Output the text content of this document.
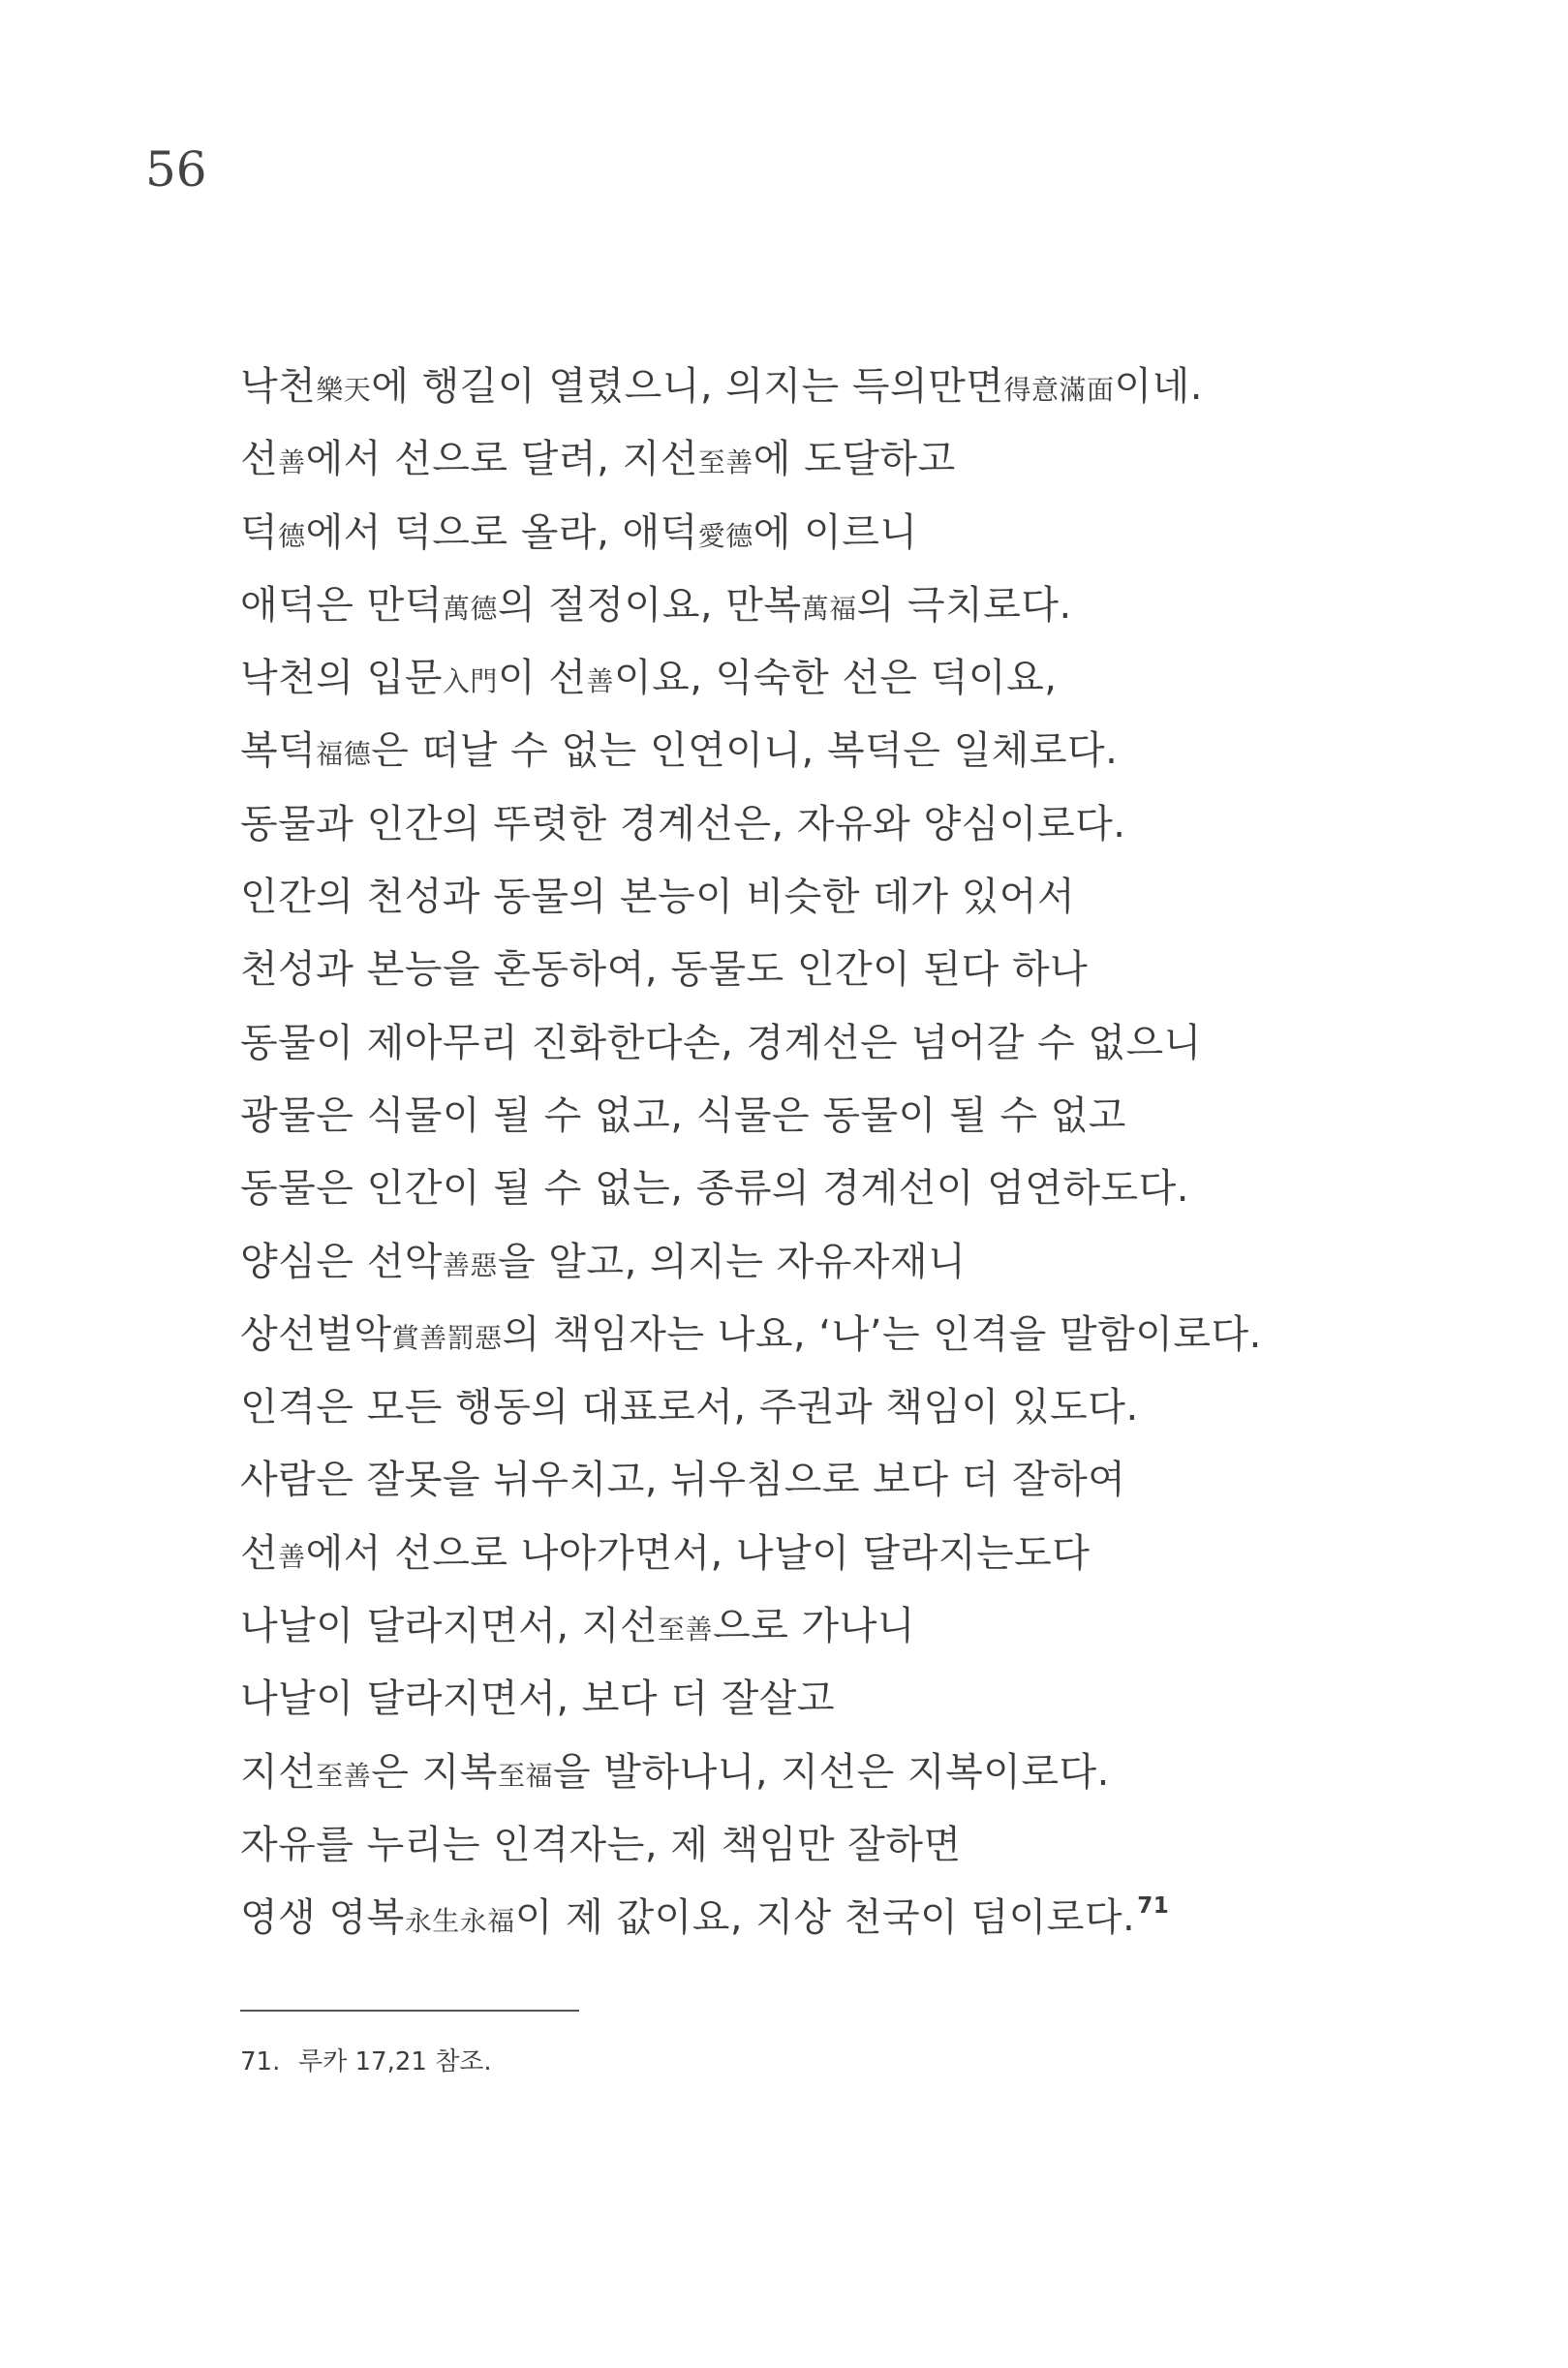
56
낙천樂天에 행길이 열렸으니, 의지는 득의만면得意滿面이네.
선善에서 선으로 달려, 지선至善에 도달하고
덕德에서 덕으로 올라, 애덕愛德에 이르니
애덕은 만덕萬德의 절정이요, 만복萬福의 극치로다.
낙천의 입문入門이 선善이요, 익숙한 선은 덕이요,
복덕福德은 떠날 수 없는 인연이니, 복덕은 일체로다.
동물과 인간의 뚜렷한 경계선은, 자유와 양심이로다.
인간의 천성과 동물의 본능이 비슷한 데가 있어서
천성과 본능을 혼동하여, 동물도 인간이 된다 하나
동물이 제아무리 진화한다손, 경계선은 넘어갈 수 없으니
광물은 식물이 될 수 없고, 식물은 동물이 될 수 없고
동물은 인간이 될 수 없는, 종류의 경계선이 엄연하도다.
양심은 선악善惡을 알고, 의지는 자유자재니
상선벌악賞善罰惡의 책임자는 나요, ‘나’는 인격을 말함이로다.
인격은 모든 행동의 대표로서, 주권과 책임이 있도다.
사람은 잘못을 뉘우치고, 뉘우침으로 보다 더 잘하여
선善에서 선으로 나아가면서, 나날이 달라지는도다
나날이 달라지면서, 지선至善으로 가나니
나날이 달라지면서, 보다 더 잘살고
지선至善은 지복至福을 발하나니, 지선은 지복이로다.
자유를 누리는 인격자는, 제 책임만 잘하면
영생 영복永生永福이 제 값이요, 지상 천국이 덤이로다.$^{71}$
71. 루카 17,21 참조.
